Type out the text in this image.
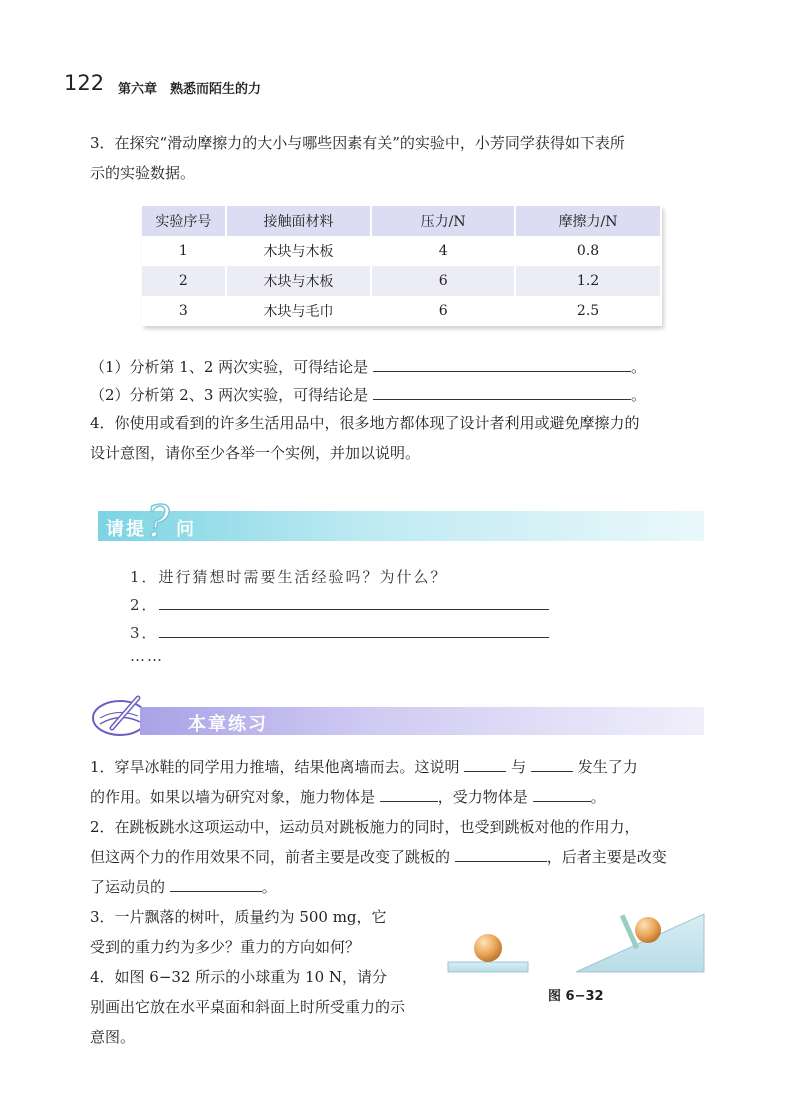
122 第六章　熟悉而陌生的力
3．在探究“滑动摩擦力的大小与哪些因素有关”的实验中，小芳同学获得如下表所
示的实验数据。
实验序号	接触面材料	压力/N	摩擦力/N
1	木块与木板	4	0.8
2	木块与木板	6	1.2
3	木块与毛巾	6	2.5
（1）分析第 1、2 两次实验，可得结论是	。
（2）分析第 2、3 两次实验，可得结论是	。
4．你使用或看到的许多生活用品中，很多地方都体现了设计者利用或避免摩擦力的
设计意图，请你至少各举一个实例，并加以说明。
请提 问
?
1．进行猜想时需要生活经验吗？为什么？
2．
3．
……
本章练习
1．穿旱冰鞋的同学用力推墙，结果他离墙而去。这说明	与	发生了力
的作用。如果以墙为研究对象，施力物体是	，受力物体是	。
2．在跳板跳水这项运动中，运动员对跳板施力的同时，也受到跳板对他的作用力，
但这两个力的作用效果不同，前者主要是改变了跳板的	，后者主要是改变
了运动员的	。
3．一片飘落的树叶，质量约为 500 mg，它
受到的重力约为多少？重力的方向如何？
4．如图 6−32 所示的小球重为 10 N，请分
别画出它放在水平桌面和斜面上时所受重力的示
意图。
图 6−32
